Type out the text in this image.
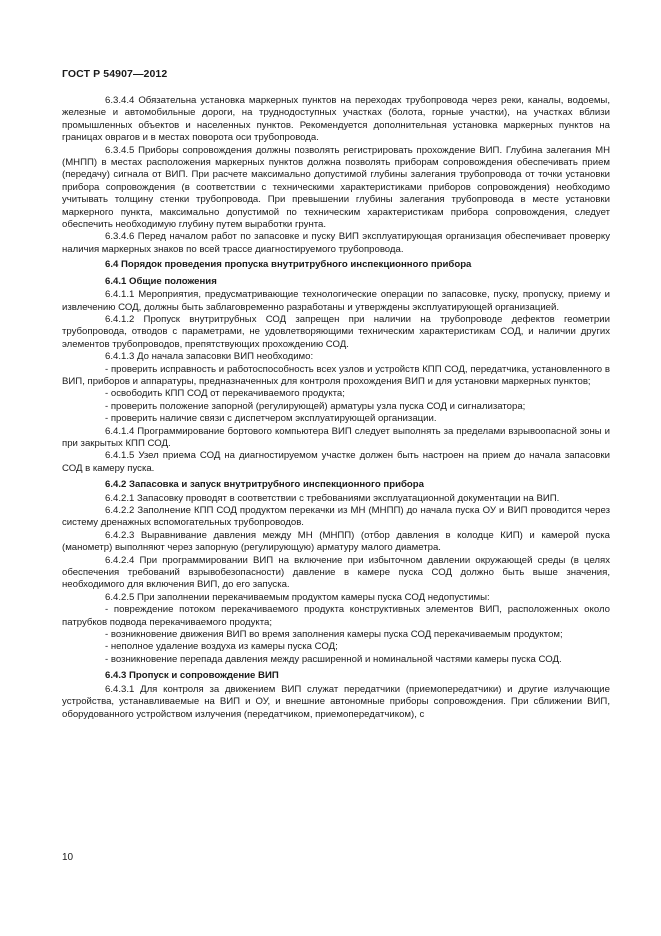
ГОСТ Р 54907—2012

6.3.4.4 Обязательна установка маркерных пунктов на переходах трубопровода через реки, каналы, водоемы, железные и автомобильные дороги, на труднодоступных участках (болота, горные участки), на участках вблизи промышленных объектов и населенных пунктов. Рекомендуется дополнительная установка маркерных пунктов на границах оврагов и в местах поворота оси трубопровода.

6.3.4.5 Приборы сопровождения должны позволять регистрировать прохождение ВИП. Глубина залегания МН (МНПП) в местах расположения маркерных пунктов должна позволять приборам сопровождения обеспечивать прием (передачу) сигнала от ВИП. При расчете максимально допустимой глубины залегания трубопровода от точки установки прибора сопровождения (в соответствии с техническими характеристиками приборов сопровождения) необходимо учитывать толщину стенки трубопровода. При превышении глубины залегания трубопровода в месте установки маркерного пункта, максимально допустимой по техническим характеристикам прибора сопровождения, следует обеспечить необходимую глубину путем выработки грунта.

6.3.4.6 Перед началом работ по запасовке и пуску ВИП эксплуатирующая организация обеспечивает проверку наличия маркерных знаков по всей трассе диагностируемого трубопровода.

6.4 Порядок проведения пропуска внутритрубного инспекционного прибора

6.4.1 Общие положения

6.4.1.1 Мероприятия, предусматривающие технологические операции по запасовке, пуску, пропуску, приему и извлечению СОД, должны быть заблаговременно разработаны и утверждены эксплуатирующей организацией.

6.4.1.2 Пропуск внутритрубных СОД запрещен при наличии на трубопроводе дефектов геометрии трубопровода, отводов с параметрами, не удовлетворяющими техническим характеристикам СОД, и наличии других элементов трубопроводов, препятствующих прохождению СОД.

6.4.1.3 До начала запасовки ВИП необходимо:

- проверить исправность и работоспособность всех узлов и устройств КПП СОД, передатчика, установленного в ВИП, приборов и аппаратуры, предназначенных для контроля прохождения ВИП и для установки маркерных пунктов;

- освободить КПП СОД от перекачиваемого продукта;

- проверить положение запорной (регулирующей) арматуры узла пуска СОД и сигнализатора;

- проверить наличие связи с диспетчером эксплуатирующей организации.

6.4.1.4 Программирование бортового компьютера ВИП следует выполнять за пределами взрывоопасной зоны и при закрытых КПП СОД.

6.4.1.5 Узел приема СОД на диагностируемом участке должен быть настроен на прием до начала запасовки СОД в камеру пуска.

6.4.2 Запасовка и запуск внутритрубного инспекционного прибора

6.4.2.1 Запасовку проводят в соответствии с требованиями эксплуатационной документации на ВИП.

6.4.2.2 Заполнение КПП СОД продуктом перекачки из МН (МНПП) до начала пуска ОУ и ВИП проводится через систему дренажных вспомогательных трубопроводов.

6.4.2.3 Выравнивание давления между МН (МНПП) (отбор давления в колодце КИП) и камерой пуска (манометр) выполняют через запорную (регулирующую) арматуру малого диаметра.

6.4.2.4 При программировании ВИП на включение при избыточном давлении окружающей среды (в целях обеспечения требований взрывобезопасности) давление в камере пуска СОД должно быть выше значения, необходимого для включения ВИП, до его запуска.

6.4.2.5 При заполнении перекачиваемым продуктом камеры пуска СОД недопустимы:

- повреждение потоком перекачиваемого продукта конструктивных элементов ВИП, расположенных около патрубков подвода перекачиваемого продукта;

- возникновение движения ВИП во время заполнения камеры пуска СОД перекачиваемым продуктом;

- неполное удаление воздуха из камеры пуска СОД;

- возникновение перепада давления между расширенной и номинальной частями камеры пуска СОД.

6.4.3 Пропуск и сопровождение ВИП

6.4.3.1 Для контроля за движением ВИП служат передатчики (приемопередатчики) и другие излучающие устройства, устанавливаемые на ВИП и ОУ, и внешние автономные приборы сопровождения. При сближении ВИП, оборудованного устройством излучения (передатчиком, приемопередатчиком), с

10
